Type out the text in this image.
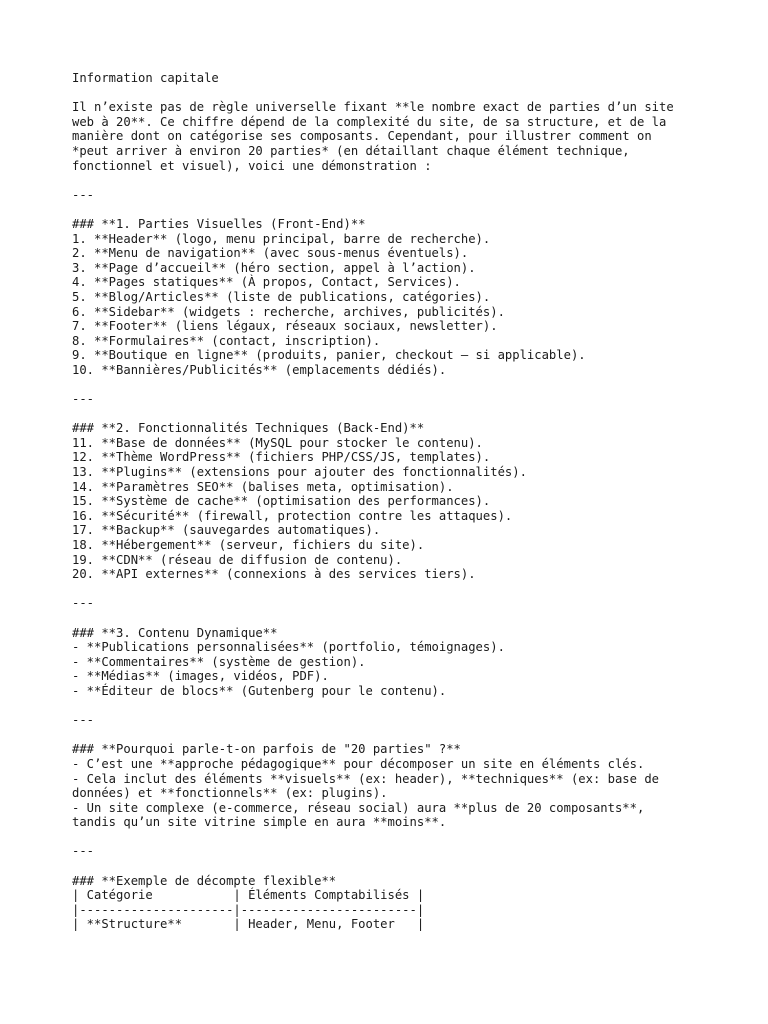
Information capitale
Il n’existe pas de règle universelle fixant **le nombre exact de parties d’un site
web à 20**. Ce chiffre dépend de la complexité du site, de sa structure, et de la
manière dont on catégorise ses composants. Cependant, pour illustrer comment on
*peut arriver à environ 20 parties* (en détaillant chaque élément technique,
fonctionnel et visuel), voici une démonstration :
---
### **1. Parties Visuelles (Front-End)**
1. **Header** (logo, menu principal, barre de recherche).
2. **Menu de navigation** (avec sous-menus éventuels).
3. **Page d’accueil** (héro section, appel à l’action).
4. **Pages statiques** (À propos, Contact, Services).
5. **Blog/Articles** (liste de publications, catégories).
6. **Sidebar** (widgets : recherche, archives, publicités).
7. **Footer** (liens légaux, réseaux sociaux, newsletter).
8. **Formulaires** (contact, inscription).
9. **Boutique en ligne** (produits, panier, checkout – si applicable).
10. **Bannières/Publicités** (emplacements dédiés).
---
### **2. Fonctionnalités Techniques (Back-End)**
11. **Base de données** (MySQL pour stocker le contenu).
12. **Thème WordPress** (fichiers PHP/CSS/JS, templates).
13. **Plugins** (extensions pour ajouter des fonctionnalités).
14. **Paramètres SEO** (balises meta, optimisation).
15. **Système de cache** (optimisation des performances).
16. **Sécurité** (firewall, protection contre les attaques).
17. **Backup** (sauvegardes automatiques).
18. **Hébergement** (serveur, fichiers du site).
19. **CDN** (réseau de diffusion de contenu).
20. **API externes** (connexions à des services tiers).
---
### **3. Contenu Dynamique**
- **Publications personnalisées** (portfolio, témoignages).
- **Commentaires** (système de gestion).
- **Médias** (images, vidéos, PDF).
- **Éditeur de blocs** (Gutenberg pour le contenu).
---
### **Pourquoi parle-t-on parfois de "20 parties" ?**
- C’est une **approche pédagogique** pour décomposer un site en éléments clés.
- Cela inclut des éléments **visuels** (ex: header), **techniques** (ex: base de
données) et **fonctionnels** (ex: plugins).
- Un site complexe (e-commerce, réseau social) aura **plus de 20 composants**,
tandis qu’un site vitrine simple en aura **moins**.
---
### **Exemple de décompte flexible**
| Catégorie           | Éléments Comptabilisés |
|---------------------|------------------------|
| **Structure**       | Header, Menu, Footer   |
